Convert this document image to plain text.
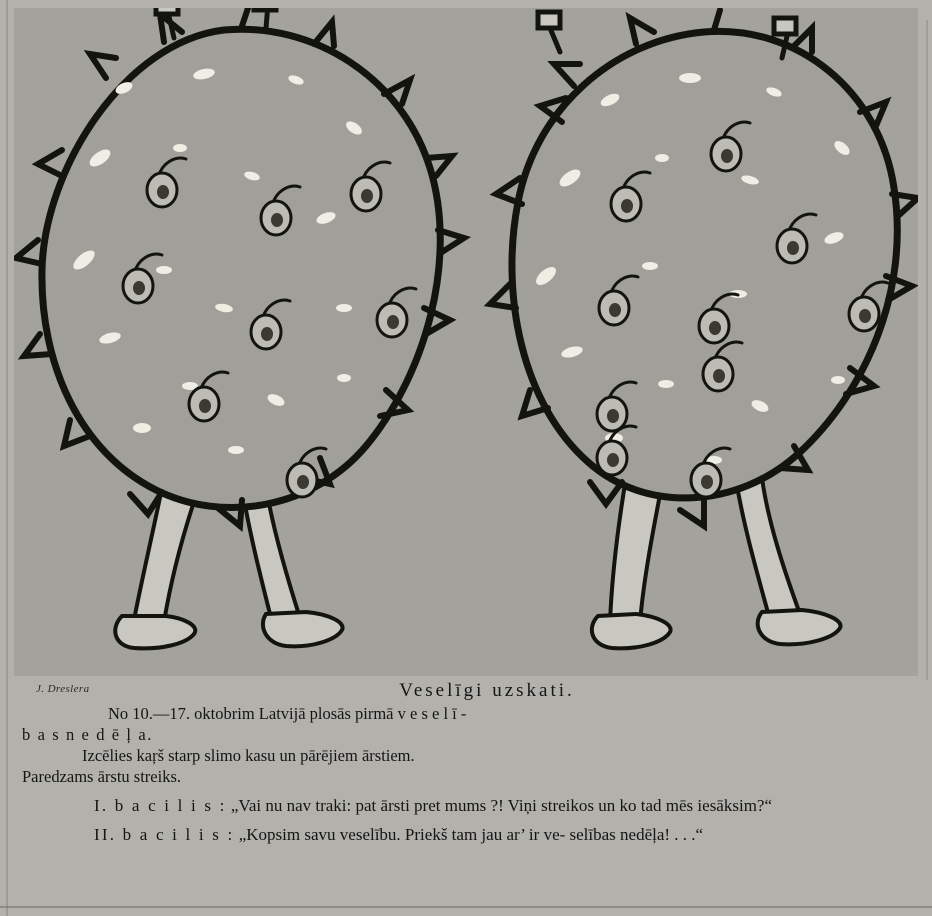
J. Dreslera	Veselīgi uzskati.

No 10.—17. oktobrim Latvijā plosās pirmā v e s e l ī -

b a s n e d ē ļ a.

Izcēlies kaŗš starp slimo kasu un pārējiem ārstiem.

Paredzams ārstu streiks.

I. b a c i l i s : „Vai nu nav traki: pat ārsti pret mums ?! Viņi streikos un ko tad mēs iesāksim?“

II. b a c i l i s : „Kopsim savu veselību. Priekš tam jau ar’ ir ve- selības nedēļa! . . .“
